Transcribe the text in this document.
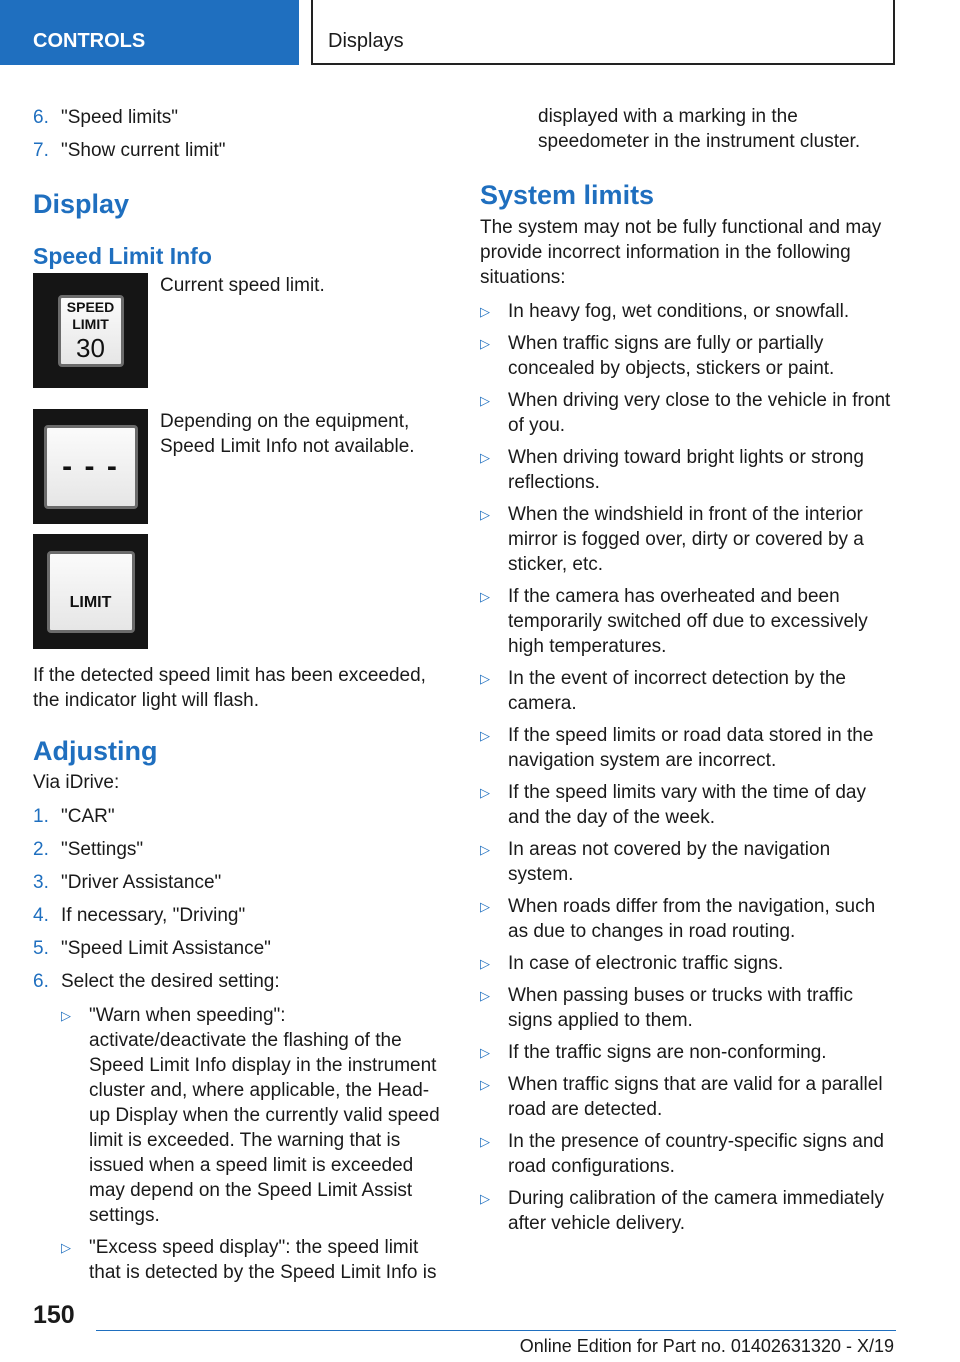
CONTROLS	Displays
6. "Speed limits"
7. "Show current limit"
Display
Speed Limit Info
SPEED
LIMIT
30

Current speed limit.

- - -

Depending on the equipment, Speed Limit Info not available.

LIMIT

If the detected speed limit has been exceeded, the indicator light will flash.

Adjusting

Via iDrive:

1. "CAR"
2. "Settings"
3. "Driver Assistance"
4. If necessary, "Driving"
5. "Speed Limit Assistance"
6. Select the desired setting:
▷ "Warn when speeding": activate/deactivate the flashing of the Speed Limit Info display in the instrument cluster and, where applicable, the Head-up Display when the currently valid speed limit is exceeded. The warning that is issued when a speed limit is exceeded may depend on the Speed Limit Assist settings.
▷ "Excess speed display": the speed limit that is detected by the Speed Limit Info is

displayed with a marking in the speedometer in the instrument cluster.

System limits

The system may not be fully functional and may provide incorrect information in the following situations:

▷ In heavy fog, wet conditions, or snowfall.
▷ When traffic signs are fully or partially concealed by objects, stickers or paint.
▷ When driving very close to the vehicle in front of you.
▷ When driving toward bright lights or strong reflections.
▷ When the windshield in front of the interior mirror is fogged over, dirty or covered by a sticker, etc.
▷ If the camera has overheated and been temporarily switched off due to excessively high temperatures.
▷ In the event of incorrect detection by the camera.
▷ If the speed limits or road data stored in the navigation system are incorrect.
▷ If the speed limits vary with the time of day and the day of the week.
▷ In areas not covered by the navigation system.
▷ When roads differ from the navigation, such as due to changes in road routing.
▷ In case of electronic traffic signs.
▷ When passing buses or trucks with traffic signs applied to them.
▷ If the traffic signs are non-conforming.
▷ When traffic signs that are valid for a parallel road are detected.
▷ In the presence of country-specific signs and road configurations.
▷ During calibration of the camera immediately after vehicle delivery.
150
Online Edition for Part no. 01402631320 - X/19
